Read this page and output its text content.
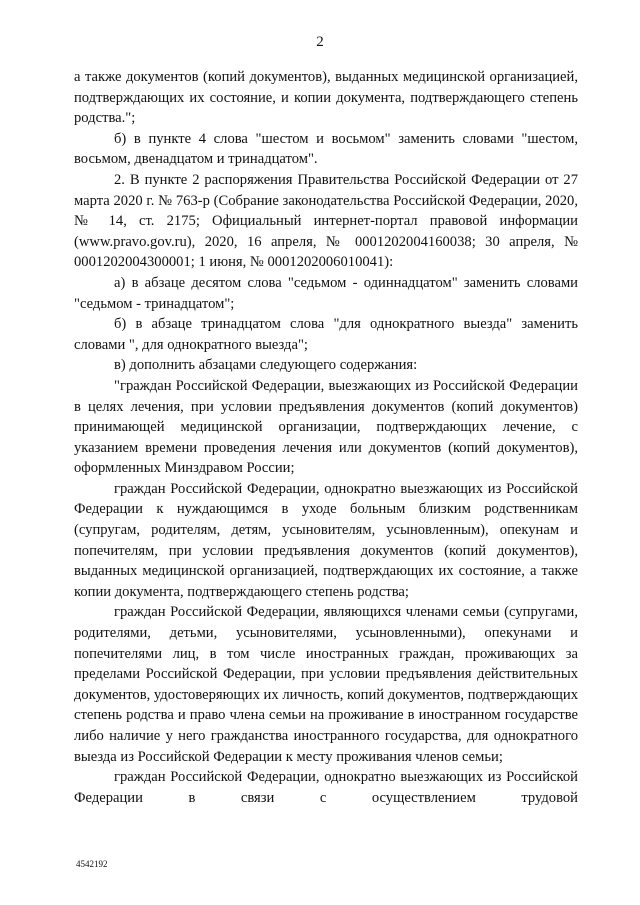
2

а также документов (копий документов), выданных медицинской организацией, подтверждающих их состояние, и копии документа, подтверждающего степень родства.";

б) в пункте 4 слова "шестом и восьмом" заменить словами "шестом, восьмом, двенадцатом и тринадцатом".

2. В пункте 2 распоряжения Правительства Российской Федерации от 27 марта 2020 г. № 763-р (Собрание законодательства Российской Федерации, 2020, № 14, ст. 2175; Официальный интернет-портал правовой информации (www.pravo.gov.ru), 2020, 16 апреля, № 0001202004160038; 30 апреля, № 0001202004300001; 1 июня, № 0001202006010041):

а) в абзаце десятом слова "седьмом - одиннадцатом" заменить словами "седьмом - тринадцатом";

б) в абзаце тринадцатом слова "для однократного выезда" заменить словами ", для однократного выезда";

в) дополнить абзацами следующего содержания:

"граждан Российской Федерации, выезжающих из Российской Федерации в целях лечения, при условии предъявления документов (копий документов) принимающей медицинской организации, подтверждающих лечение, с указанием времени проведения лечения или документов (копий документов), оформленных Минздравом России;

граждан Российской Федерации, однократно выезжающих из Российской Федерации к нуждающимся в уходе больным близким родственникам (супругам, родителям, детям, усыновителям, усыновленным), опекунам и попечителям, при условии предъявления документов (копий документов), выданных медицинской организацией, подтверждающих их состояние, а также копии документа, подтверждающего степень родства;

граждан Российской Федерации, являющихся членами семьи (супругами, родителями, детьми, усыновителями, усыновленными), опекунами и попечителями лиц, в том числе иностранных граждан, проживающих за пределами Российской Федерации, при условии предъявления действительных документов, удостоверяющих их личность, копий документов, подтверждающих степень родства и право члена семьи на проживание в иностранном государстве либо наличие у него гражданства иностранного государства, для однократного выезда из Российской Федерации к месту проживания членов семьи;

граждан Российской Федерации, однократно выезжающих из Российской Федерации в связи с осуществлением трудовой

4542192
